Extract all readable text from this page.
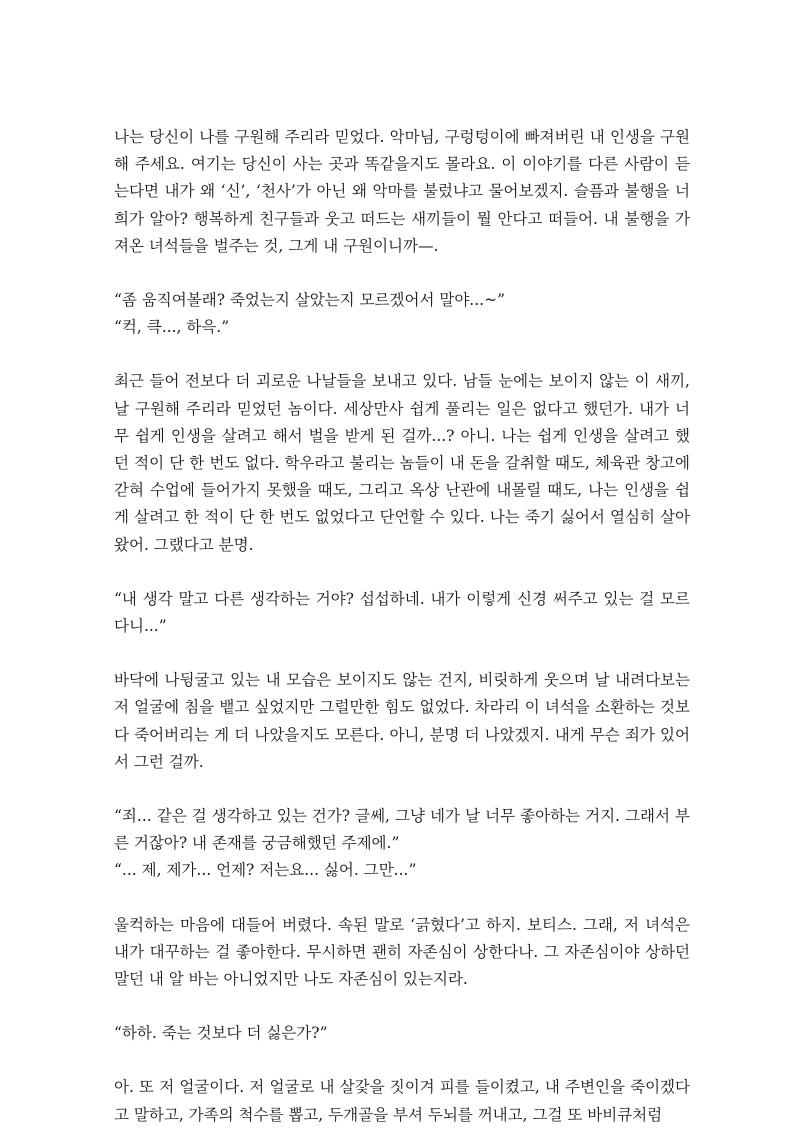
나는 당신이 나를 구원해 주리라 믿었다. 악마님, 구렁텅이에 빠져버린 내 인생을 구원해 주세요. 여기는 당신이 사는 곳과 똑같을지도 몰라요. 이 이야기를 다른 사람이 듣는다면 내가 왜 ‘신’, ‘천사’가 아닌 왜 악마를 불렀냐고 물어보겠지. 슬픔과 불행을 너희가 알아? 행복하게 친구들과 웃고 떠드는 새끼들이 뭘 안다고 떠들어. 내 불행을 가져온 녀석들을 벌주는 것, 그게 내 구원이니까—.

“좀 움직여볼래? 죽었는지 살았는지 모르겠어서 말야...~”

“컥, 큭..., 하윽.”

최근 들어 전보다 더 괴로운 나날들을 보내고 있다. 남들 눈에는 보이지 않는 이 새끼, 날 구원해 주리라 믿었던 놈이다. 세상만사 쉽게 풀리는 일은 없다고 했던가. 내가 너무 쉽게 인생을 살려고 해서 벌을 받게 된 걸까...? 아니. 나는 쉽게 인생을 살려고 했던 적이 단 한 번도 없다. 학우라고 불리는 놈들이 내 돈을 갈취할 때도, 체육관 창고에 갇혀 수업에 들어가지 못했을 때도, 그리고 옥상 난관에 내몰릴 때도, 나는 인생을 쉽게 살려고 한 적이 단 한 번도 없었다고 단언할 수 있다. 나는 죽기 싫어서 열심히 살아왔어. 그랬다고 분명.

“내 생각 말고 다른 생각하는 거야? 섭섭하네. 내가 이렇게 신경 써주고 있는 걸 모르다니...”

바닥에 나뒹굴고 있는 내 모습은 보이지도 않는 건지, 비릿하게 웃으며 날 내려다보는 저 얼굴에 침을 뱉고 싶었지만 그럴만한 힘도 없었다. 차라리 이 녀석을 소환하는 것보다 죽어버리는 게 더 나았을지도 모른다. 아니, 분명 더 나았겠지. 내게 무슨 죄가 있어서 그런 걸까.

“죄... 같은 걸 생각하고 있는 건가? 글쎄, 그냥 네가 날 너무 좋아하는 거지. 그래서 부른 거잖아? 내 존재를 궁금해했던 주제에.”

“... 제, 제가... 언제? 저는요... 싫어. 그만...”

울컥하는 마음에 대들어 버렸다. 속된 말로 ‘긁혔다’고 하지. 보티스. 그래, 저 녀석은 내가 대꾸하는 걸 좋아한다. 무시하면 괜히 자존심이 상한다나. 그 자존심이야 상하던 말던 내 알 바는 아니었지만 나도 자존심이 있는지라.

“하하. 죽는 것보다 더 싫은가?”

아. 또 저 얼굴이다. 저 얼굴로 내 살갗을 짓이겨 피를 들이켰고, 내 주변인을 죽이겠다고 말하고, 가족의 척수를 뽑고, 두개골을 부셔 두뇌를 꺼내고, 그걸 또 바비큐처럼
